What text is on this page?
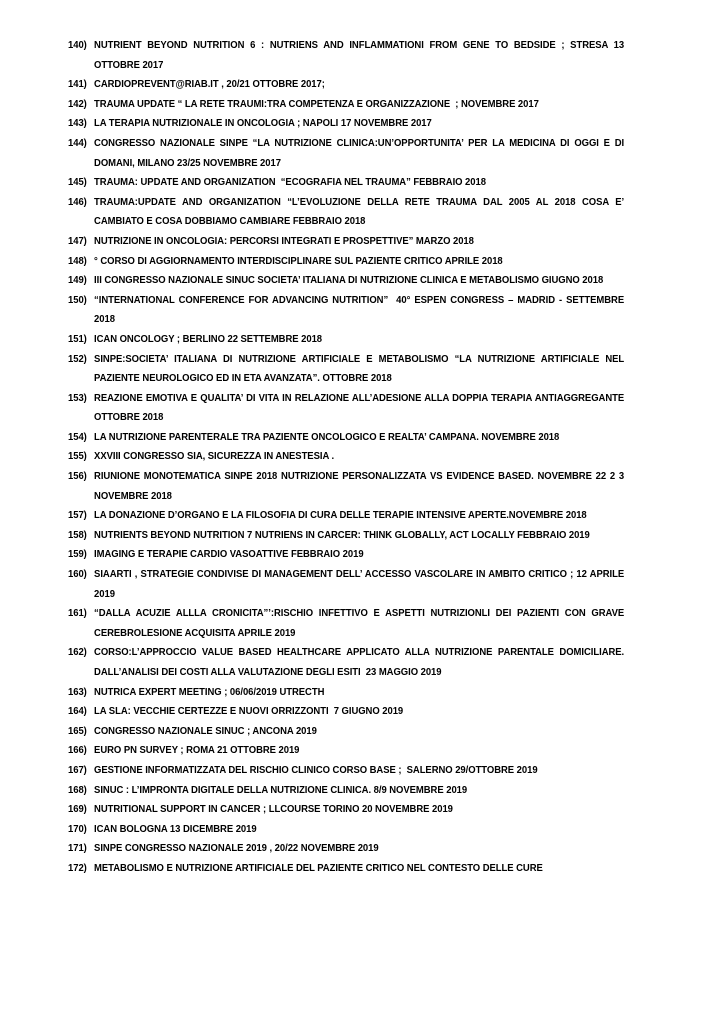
140) NUTRIENT BEYOND NUTRITION 6 : NUTRIENS AND INFLAMMATIONI FROM GENE TO BEDSIDE ; STRESA 13 OTTOBRE 2017
141) CARDIOPREVENT@RIAB.IT , 20/21 OTTOBRE 2017;
142) TRAUMA UPDATE “ LA RETE TRAUMI:TRA COMPETENZA E ORGANIZZAZIONE  ; NOVEMBRE 2017
143) LA TERAPIA NUTRIZIONALE IN ONCOLOGIA ; NAPOLI 17 NOVEMBRE 2017
144) CONGRESSO NAZIONALE SINPE “LA NUTRIZIONE CLINICA:UN’OPPORTUNITA’ PER LA MEDICINA DI OGGI E DI DOMANI, MILANO 23/25 NOVEMBRE 2017
145) TRAUMA: UPDATE AND ORGANIZATION  “ECOGRAFIA NEL TRAUMA” FEBBRAIO 2018
146) TRAUMA:UPDATE AND ORGANIZATION “L’EVOLUZIONE DELLA RETE TRAUMA DAL 2005 AL 2018 COSA E’ CAMBIATO E COSA DOBBIAMO CAMBIARE FEBBRAIO 2018
147) NUTRIZIONE IN ONCOLOGIA: PERCORSI INTEGRATI E PROSPETTIVE” MARZO 2018
148) ° CORSO DI AGGIORNAMENTO INTERDISCIPLINARE SUL PAZIENTE CRITICO APRILE 2018
149) III CONGRESSO NAZIONALE SINUC SOCIETA’ ITALIANA DI NUTRIZIONE CLINICA E METABOLISMO GIUGNO 2018
150) “INTERNATIONAL CONFERENCE FOR ADVANCING NUTRITION”  40° ESPEN CONGRESS – MADRID - SETTEMBRE 2018
151) ICAN ONCOLOGY ; BERLINO 22 SETTEMBRE 2018
152) SINPE:SOCIETA’ ITALIANA DI NUTRIZIONE ARTIFICIALE E METABOLISMO “LA NUTRIZIONE ARTIFICIALE NEL PAZIENTE NEUROLOGICO ED IN ETA AVANZATA”. OTTOBRE 2018
153) REAZIONE EMOTIVA E QUALITA’ DI VITA IN RELAZIONE ALL’ADESIONE ALLA DOPPIA TERAPIA ANTIAGGREGANTE OTTOBRE 2018
154) LA NUTRIZIONE PARENTERALE TRA PAZIENTE ONCOLOGICO E REALTA’ CAMPANA. NOVEMBRE 2018
155) XXVIII CONGRESSO SIA, SICUREZZA IN ANESTESIA .
156) RIUNIONE MONOTEMATICA SINPE 2018 NUTRIZIONE PERSONALIZZATA VS EVIDENCE BASED. NOVEMBRE 22 2 3 NOVEMBRE 2018
157) LA DONAZIONE D’ORGANO E LA FILOSOFIA DI CURA DELLE TERAPIE INTENSIVE APERTE.NOVEMBRE 2018
158) NUTRIENTS BEYOND NUTRITION 7 NUTRIENS IN CARCER: THINK GLOBALLY, ACT LOCALLY FEBBRAIO 2019
159) IMAGING E TERAPIE CARDIO VASOATTIVE FEBBRAIO 2019
160) SIAARTI , STRATEGIE CONDIVISE DI MANAGEMENT DELL’ ACCESSO VASCOLARE IN AMBITO CRITICO ; 12 APRILE 2019
161) “DALLA ACUZIE ALLLA CRONICITA”’:RISCHIO INFETTIVO E ASPETTI NUTRIZIONLI DEI PAZIENTI CON GRAVE CEREBROLESIONE ACQUISITA APRILE 2019
162) CORSO:L’APPROCCIO VALUE BASED HEALTHCARE APPLICATO ALLA NUTRIZIONE PARENTALE DOMICILIARE. DALL’ANALISI DEI COSTI ALLA VALUTAZIONE DEGLI ESITI  23 MAGGIO 2019
163) NUTRICA EXPERT MEETING ; 06/06/2019 UTRECTH
164) LA SLA: VECCHIE CERTEZZE E NUOVI ORRIZZONTI  7 GIUGNO 2019
165) CONGRESSO NAZIONALE SINUC ; ANCONA 2019
166) EURO PN SURVEY ; ROMA 21 OTTOBRE 2019
167) GESTIONE INFORMATIZZATA DEL RISCHIO CLINICO CORSO BASE ;  SALERNO 29/OTTOBRE 2019
168) SINUC : L’IMPRONTA DIGITALE DELLA NUTRIZIONE CLINICA. 8/9 NOVEMBRE 2019
169) NUTRITIONAL SUPPORT IN CANCER ; LLCOURSE TORINO 20 NOVEMBRE 2019
170) ICAN BOLOGNA 13 DICEMBRE 2019
171) SINPE CONGRESSO NAZIONALE 2019 , 20/22 NOVEMBRE 2019
172) METABOLISMO E NUTRIZIONE ARTIFICIALE DEL PAZIENTE CRITICO NEL CONTESTO DELLE CURE
